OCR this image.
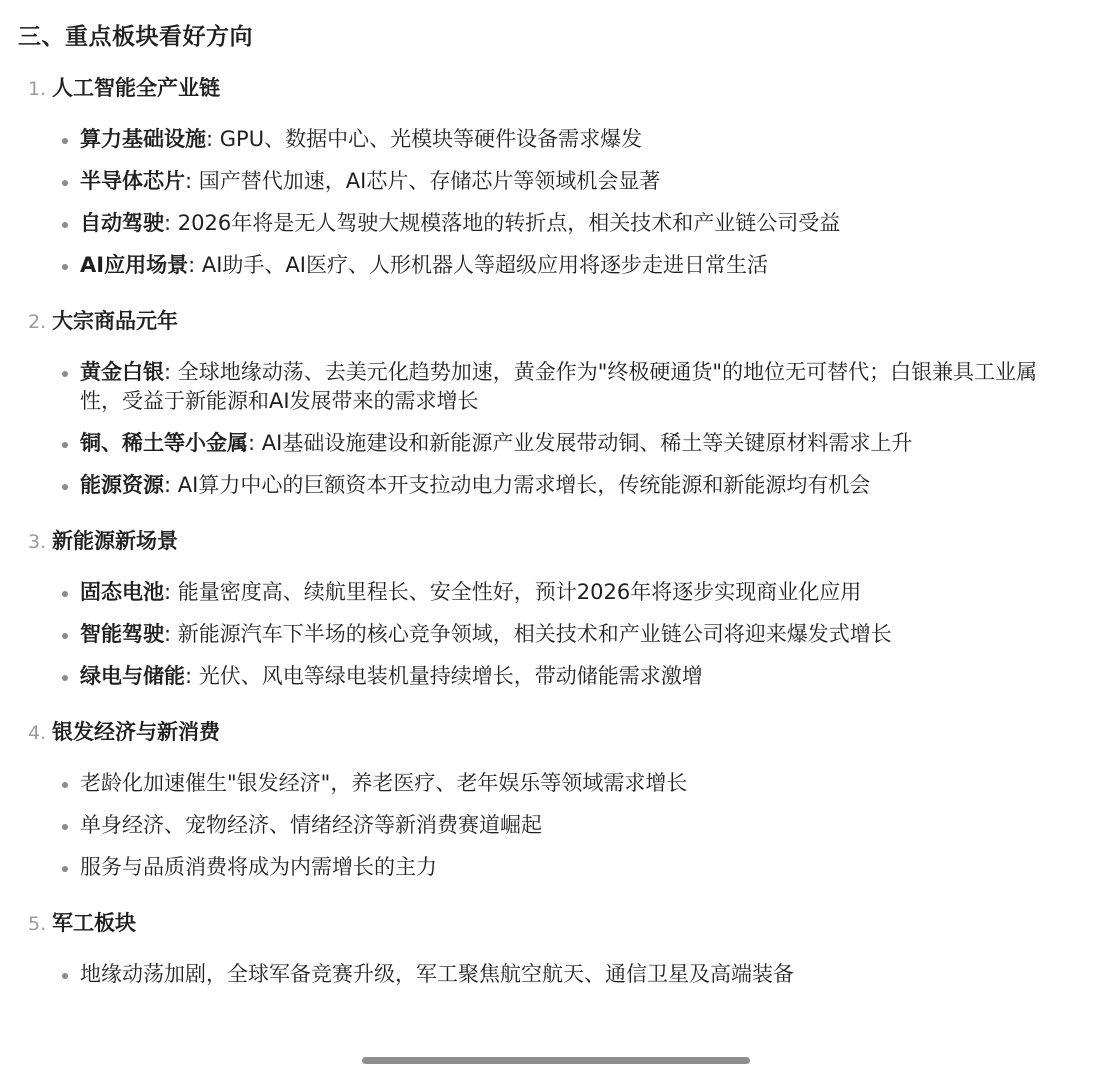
三、重点板块看好方向
1. 人工智能全产业链
算力基础设施: GPU、数据中心、光模块等硬件设备需求爆发
半导体芯片: 国产替代加速，AI芯片、存储芯片等领域机会显著
自动驾驶: 2026年将是无人驾驶大规模落地的转折点，相关技术和产业链公司受益
AI应用场景: AI助手、AI医疗、人形机器人等超级应用将逐步走进日常生活
2. 大宗商品元年
黄金白银: 全球地缘动荡、去美元化趋势加速，黄金作为"终极硬通货"的地位无可替代；白银兼具工业属性，受益于新能源和AI发展带来的需求增长
铜、稀土等小金属: AI基础设施建设和新能源产业发展带动铜、稀土等关键原材料需求上升
能源资源: AI算力中心的巨额资本开支拉动电力需求增长，传统能源和新能源均有机会
3. 新能源新场景
固态电池: 能量密度高、续航里程长、安全性好，预计2026年将逐步实现商业化应用
智能驾驶: 新能源汽车下半场的核心竞争领域，相关技术和产业链公司将迎来爆发式增长
绿电与储能: 光伏、风电等绿电装机量持续增长，带动储能需求激增
4. 银发经济与新消费
老龄化加速催生"银发经济"，养老医疗、老年娱乐等领域需求增长
单身经济、宠物经济、情绪经济等新消费赛道崛起
服务与品质消费将成为内需增长的主力
5. 军工板块
地缘动荡加剧，全球军备竞赛升级，军工聚焦航空航天、通信卫星及高端装备
